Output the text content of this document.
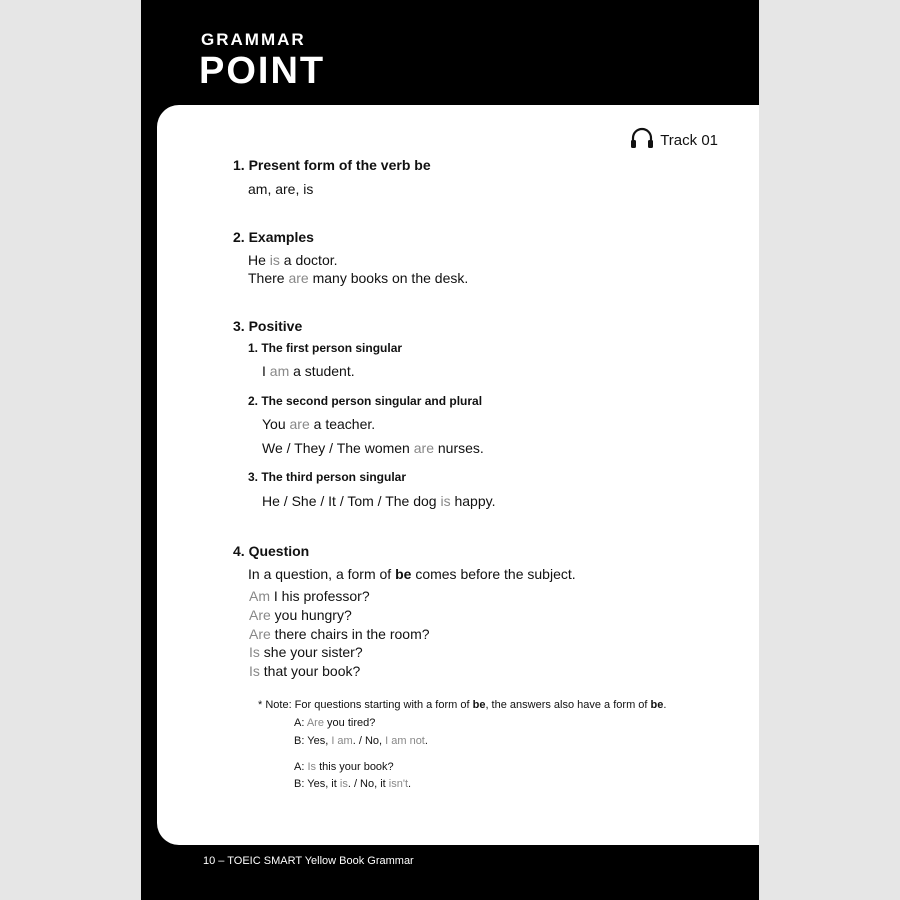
GRAMMAR
POINT
Track 01
1. Present form of the verb be
am, are, is
2. Examples
He is a doctor.
There are many books on the desk.
3. Positive
1. The first person singular
I am a student.
2. The second person singular and plural
You are a teacher.
We / They / The women are nurses.
3. The third person singular
He / She / It / Tom / The dog is happy.
4. Question
In a question, a form of be comes before the subject.
Am I his professor?
Are you hungry?
Are there chairs in the room?
Is she your sister?
Is that your book?
* Note: For questions starting with a form of be, the answers also have a form of be.
A: Are you tired?
B: Yes, I am. / No, I am not.
A: Is this your book?
B: Yes, it is. / No, it isn't.
10 – TOEIC SMART Yellow Book Grammar
